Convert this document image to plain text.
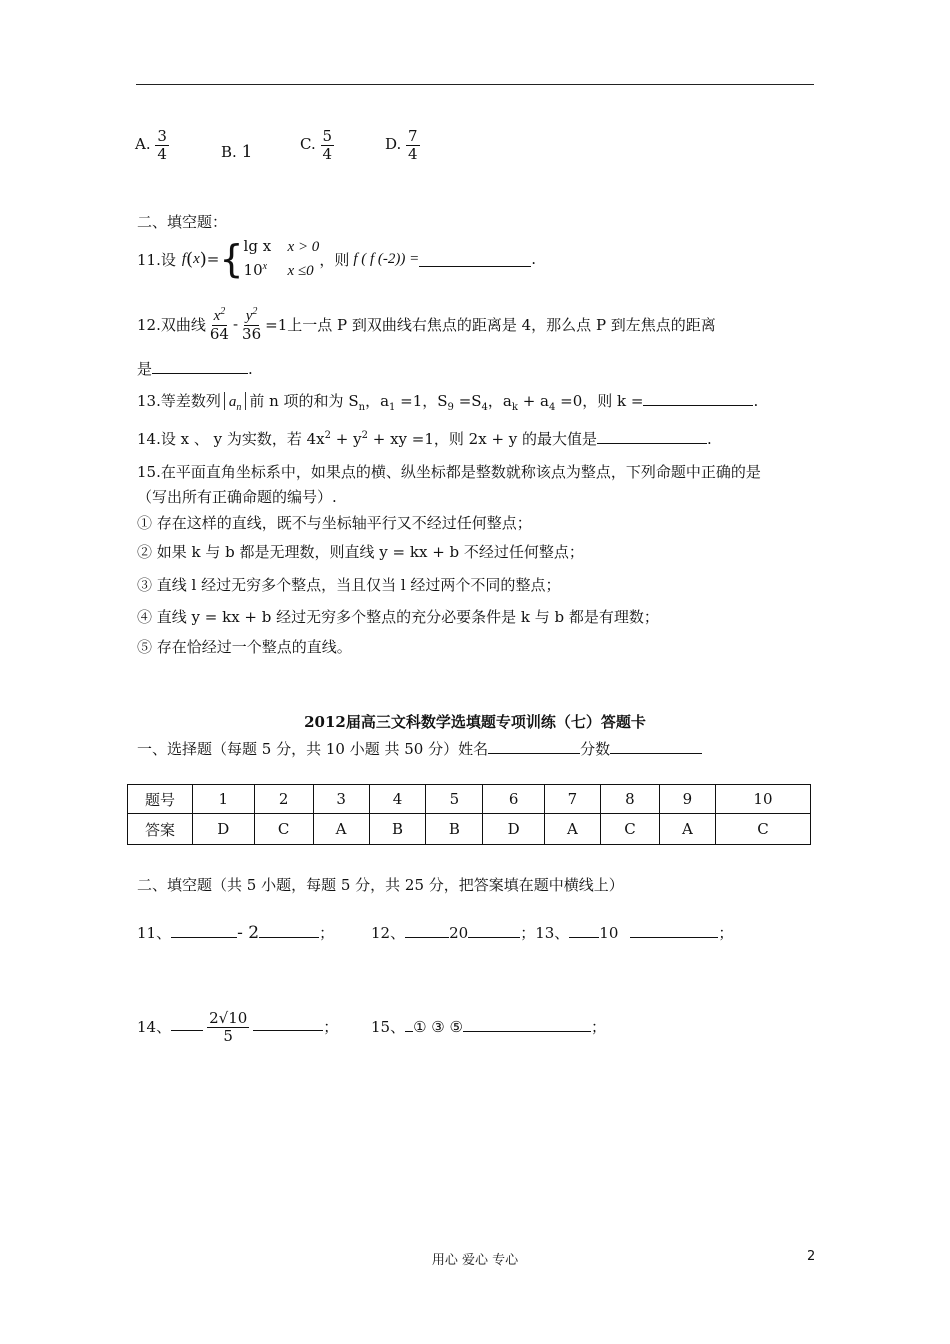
A. $\frac{3}{4}$	B. 1	C. $\frac{5}{4}$	D. $\frac{7}{4}$
二、填空题：
11.设 f ( x ) = { lg x x > 0
10$^x$ x ≤0
，则 f ( f (-2)) =	.
12.双曲线 $\frac{x^2}{64} - \frac{y^2}{36} =1$上一点 P 到双曲线右焦点的距离是 4，那么点 P 到左焦点的距离
是	.
13.等差数列 $a_n$ 前 n 项的和为 $S_n$，$a_1 =1$，$S_9 =S_4$，$a_k + a_4 =0$，则 k =	.
14.设 x 、 y 为实数，若 $4x^2 + y^2$ + xy =1，则 2x + y 的最大值是	.
15.在平面直角坐标系中，如果点的横、纵坐标都是整数就称该点为整点，下列命题中正确的是
（写出所有正确命题的编号）.
① 存在这样的直线，既不与坐标轴平行又不经过任何整点；
② 如果 k 与 b 都是无理数，则直线 y = kx + b 不经过任何整点；
③ 直线 l 经过无穷多个整点，当且仅当 l 经过两个不同的整点；
④ 直线 y = kx + b 经过无穷多个整点的充分必要条件是 k 与 b 都是有理数；
⑤ 存在恰经过一个整点的直线。
2012届高三文科数学选填题专项训练（七）答题卡
一、选择题（每题 5 分，共 10 小题 共 50 分）姓名	分数
题号	1	2	3	4	5	6	7	8	9	10
答案	D	C	A	B	B	D	A	C	A	C
二、填空题（共 5 小题，每题 5 分，共 25 分，把答案填在题中横线上）
11、	- 2	； 12、	20	；13、 10	；
14、 $\frac{2√10}{5}$	； 15、 ① ③ ⑤	；
用心 爱心 专心	2
